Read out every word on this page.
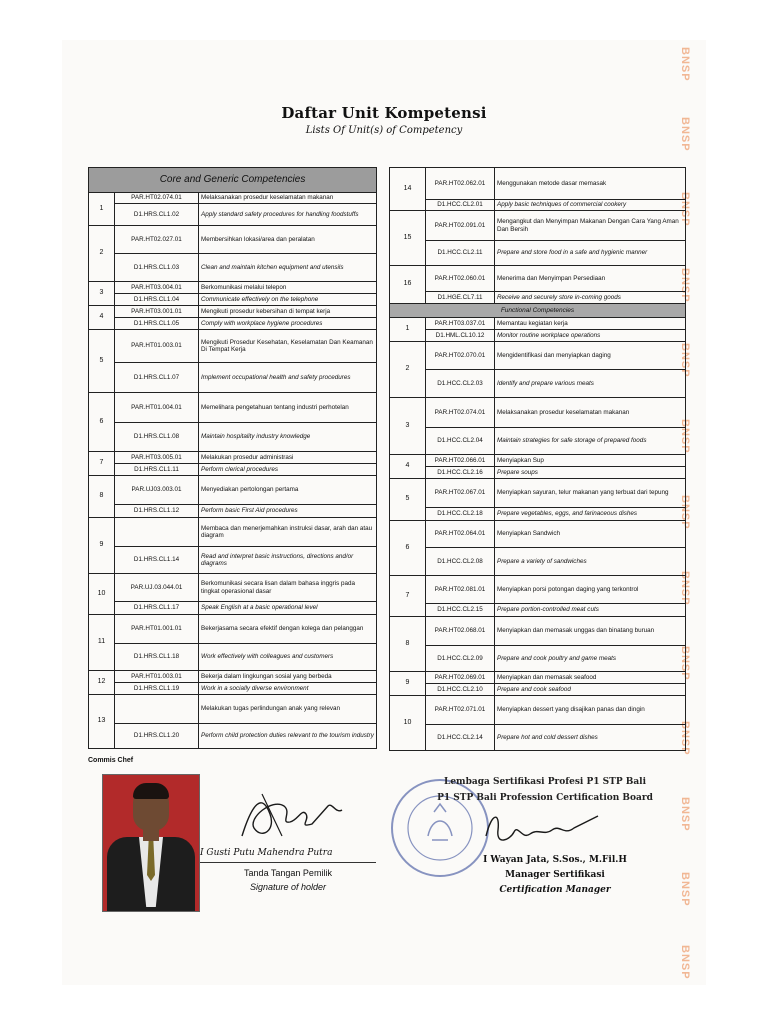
Daftar Unit Kompetensi
Lists Of Unit(s) of Competency
BNSP
BNSP
BNSP
BNSP
BNSP
BNSP
BNSP
BNSP
BNSP
BNSP
BNSP
BNSP
BNSP
Core and Generic Competencies		
1	PAR.HT02.074.01	Melaksanakan prosedur keselamatan makanan
	D1.HRS.CL1.02	Apply standard safety procedures for handling foodstuffs
2	PAR.HT02.027.01	Membersihkan lokasi/area dan peralatan
	D1.HRS.CL1.03	Clean and maintain kitchen equipment and utensils
3	PAR.HT03.004.01	Berkomunikasi melalui telepon
	D1.HRS.CL1.04	Communicate effectively on the telephone
4	PAR.HT03.001.01	Mengikuti prosedur kebersihan di tempat kerja
	D1.HRS.CL1.05	Comply with workplace hygiene procedures
5	PAR.HT01.003.01	Mengikuti Prosedur Kesehatan, Keselamatan Dan Keamanan Di Tempat Kerja
	D1.HRS.CL1.07	Implement occupational health and safety procedures
6	PAR.HT01.004.01	Memelihara pengetahuan tentang industri perhotelan
	D1.HRS.CL1.08	Maintain hospitality industry knowledge
7	PAR.HT03.005.01	Melakukan prosedur administrasi
	D1.HRS.CL1.11	Perform clerical procedures
8	PAR.UJ03.003.01	Menyediakan pertolongan pertama
	D1.HRS.CL1.12	Perform basic First Aid procedures
9		Membaca dan menerjemahkan instruksi dasar, arah dan atau diagram
	D1.HRS.CL1.14	Read and interpret basic instructions, directions and/or diagrams
10	PAR.UJ.03.044.01	Berkomunikasi secara lisan dalam bahasa inggris pada tingkat operasional dasar
	D1.HRS.CL1.17	Speak English at a basic operational level
11	PAR.HT01.001.01	Bekerjasama secara efektif dengan kolega dan pelanggan
	D1.HRS.CL1.18	Work effectively with colleagues and customers
12	PAR.HT01.003.01	Bekerja dalam lingkungan sosial yang berbeda
	D1.HRS.CL1.19	Work in a socially diverse environment
13		Melakukan tugas perlindungan anak yang relevan
	D1.HRS.CL1.20	Perform child protection duties relevant to the tourism industry
14	PAR.HT02.062.01	Menggunakan metode dasar memasak
	D1.HCC.CL2.01	Apply basic techniques of commercial cookery
15	PAR.HT02.091.01	Mengangkut dan Menyimpan Makanan Dengan Cara Yang Aman Dan Bersih
	D1.HCC.CL2.11	Prepare and store food in a safe and hygienic manner
16	PAR.HT02.060.01	Menerima dan Menyimpan Persediaan
	D1.HGE.CL7.11	Receive and securely store in-coming goods
Functional Competencies		
1	PAR.HT03.037.01	Memantau kegiatan kerja
	D1.HML.CL10.12	Monitor routine workplace operations
2	PAR.HT02.070.01	Mengidentifikasi dan menyiapkan daging
	D1.HCC.CL2.03	Identify and prepare various meats
3	PAR.HT02.074.01	Melaksanakan prosedur keselamatan makanan
	D1.HCC.CL2.04	Maintain strategies for safe storage of prepared foods
4	PAR.HT02.066.01	Menyiapkan Sup
	D1.HCC.CL2.16	Prepare soups
5	PAR.HT02.067.01	Menyiapkan sayuran, telur makanan yang terbuat dari tepung
	D1.HCC.CL2.18	Prepare vegetables, eggs, and farinaceous dishes
6	PAR.HT02.064.01	Menyiapkan Sandwich
	D1.HCC.CL2.08	Prepare a variety of sandwiches
7	PAR.HT02.081.01	Menyiapkan porsi potongan daging yang terkontrol
	D1.HCC.CL2.15	Prepare portion-controlled meat cuts
8	PAR.HT02.068.01	Menyiapkan dan memasak unggas dan binatang buruan
	D1.HCC.CL2.09	Prepare and cook poultry and game meats
9	PAR.HT02.069.01	Menyiapkan dan memasak seafood
	D1.HCC.CL2.10	Prepare and cook seafood
10	PAR.HT02.071.01	Menyiapkan dessert yang disajikan panas dan dingin
	D1.HCC.CL2.14	Prepare hot and cold dessert dishes
Commis Chef
I Gusti Putu Mahendra Putra
Tanda Tangan Pemilik
Signature of holder
Lembaga Sertifikasi Profesi P1 STP Bali
P1 STP Bali Profession Certification Board
I Wayan Jata, S.Sos., M.Fil.H
Manager Sertifikasi
Certification Manager
